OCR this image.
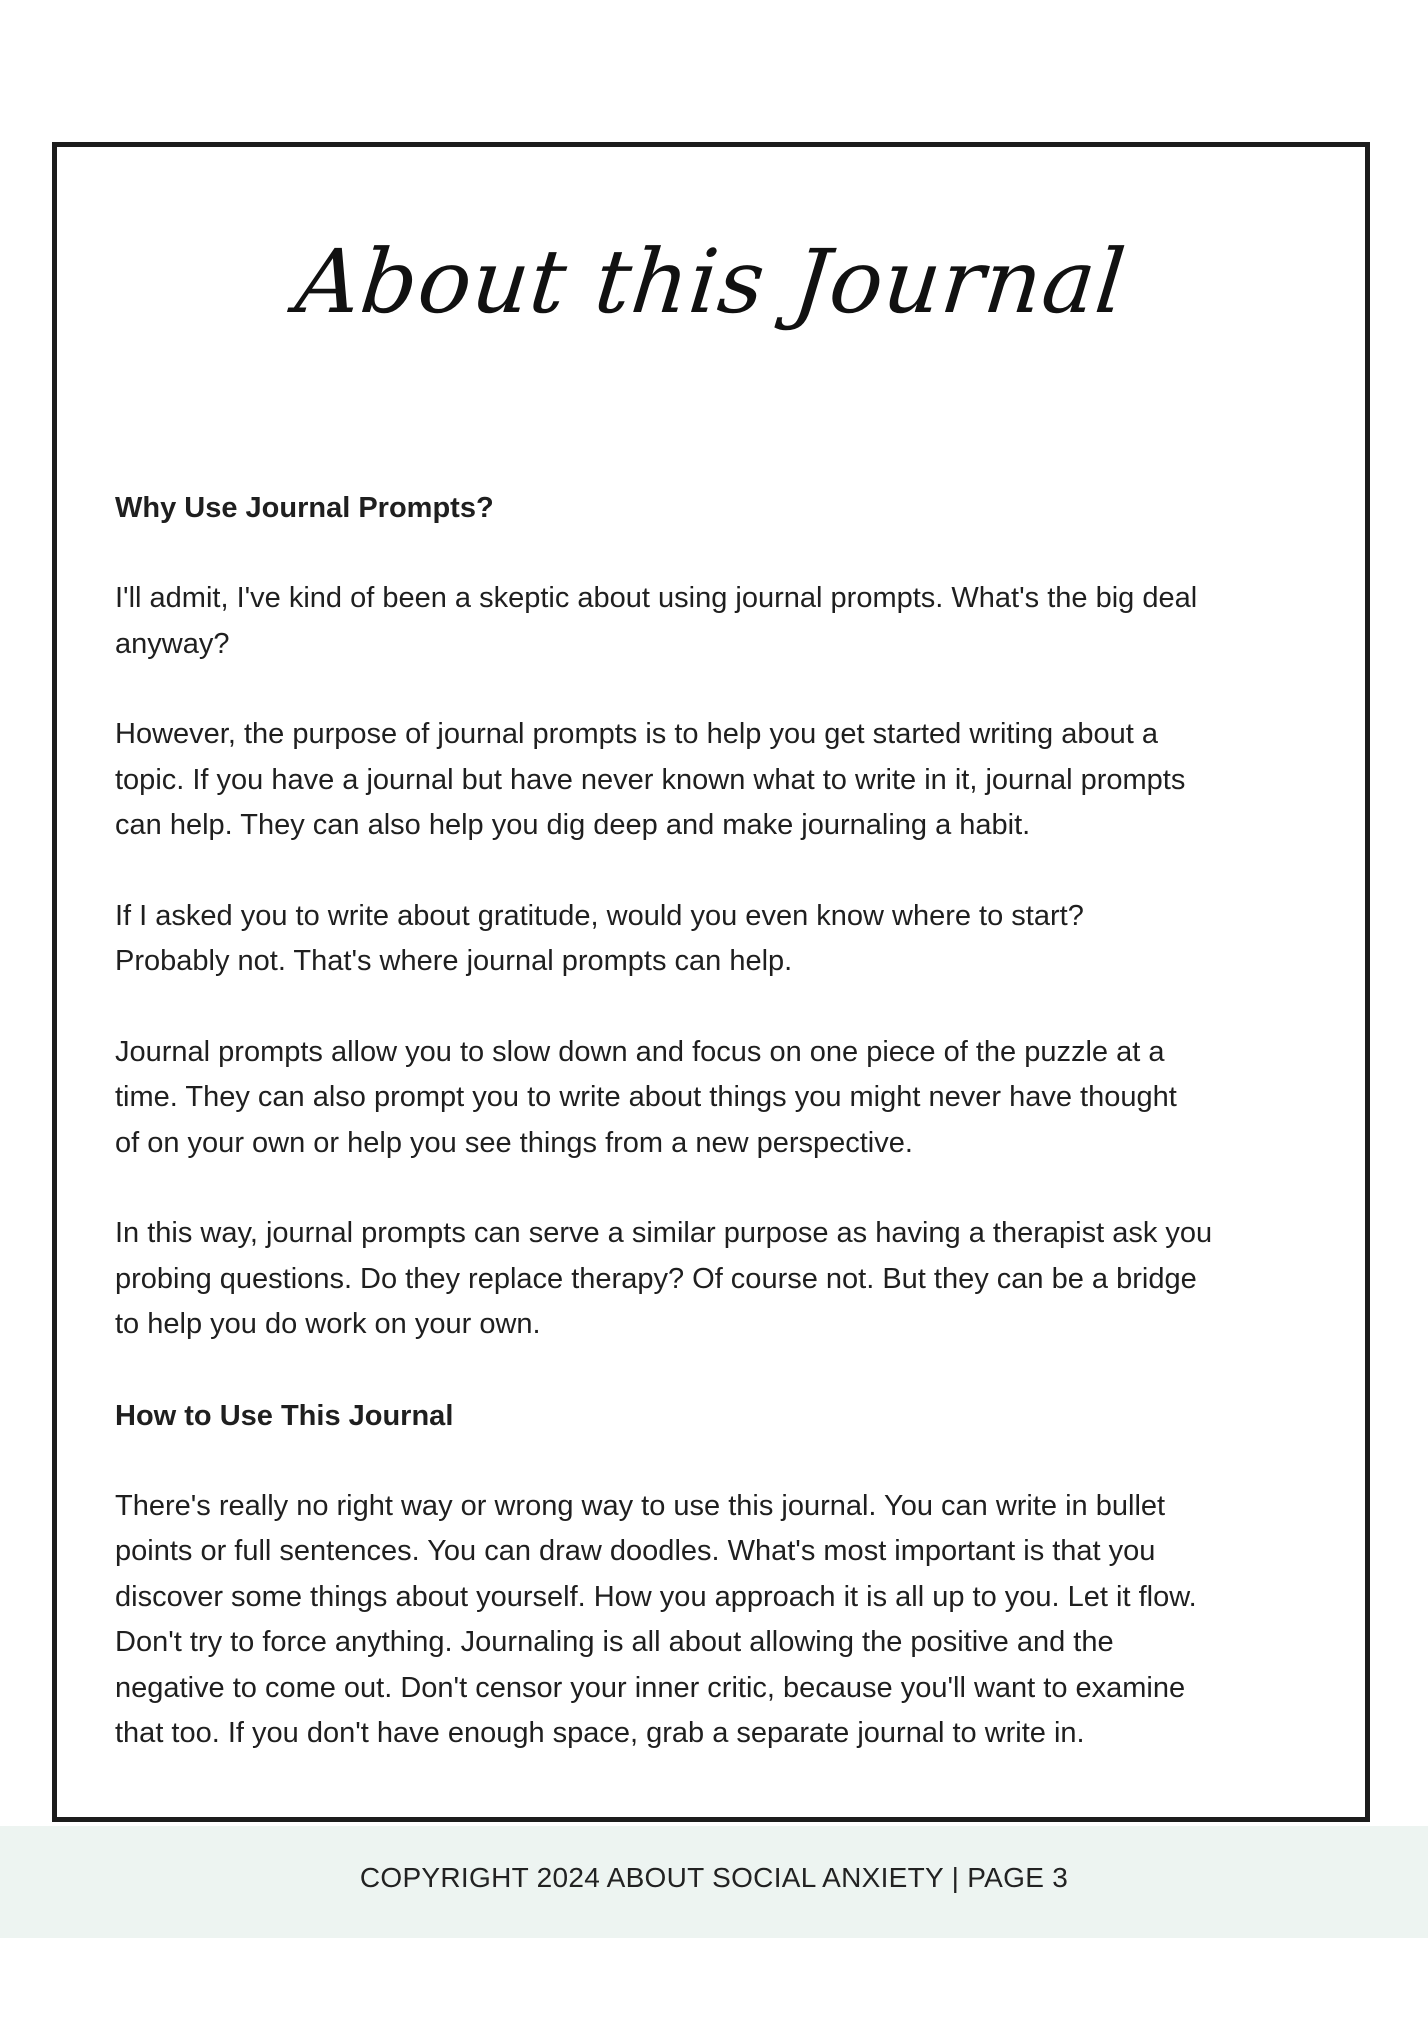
About this Journal
Why Use Journal Prompts?
I'll admit, I've kind of been a skeptic about using journal prompts. What's the big deal
anyway?
However, the purpose of journal prompts is to help you get started writing about a
topic. If you have a journal but have never known what to write in it, journal prompts
can help. They can also help you dig deep and make journaling a habit.
If I asked you to write about gratitude, would you even know where to start?
Probably not. That's where journal prompts can help.
Journal prompts allow you to slow down and focus on one piece of the puzzle at a
time. They can also prompt you to write about things you might never have thought
of on your own or help you see things from a new perspective.
In this way, journal prompts can serve a similar purpose as having a therapist ask you
probing questions. Do they replace therapy? Of course not. But they can be a bridge
to help you do work on your own.
How to Use This Journal
There's really no right way or wrong way to use this journal. You can write in bullet
points or full sentences. You can draw doodles. What's most important is that you
discover some things about yourself. How you approach it is all up to you. Let it flow.
Don't try to force anything. Journaling is all about allowing the positive and the
negative to come out. Don't censor your inner critic, because you'll want to examine
that too. If you don't have enough space, grab a separate journal to write in.
COPYRIGHT 2024 ABOUT SOCIAL ANXIETY | PAGE 3
